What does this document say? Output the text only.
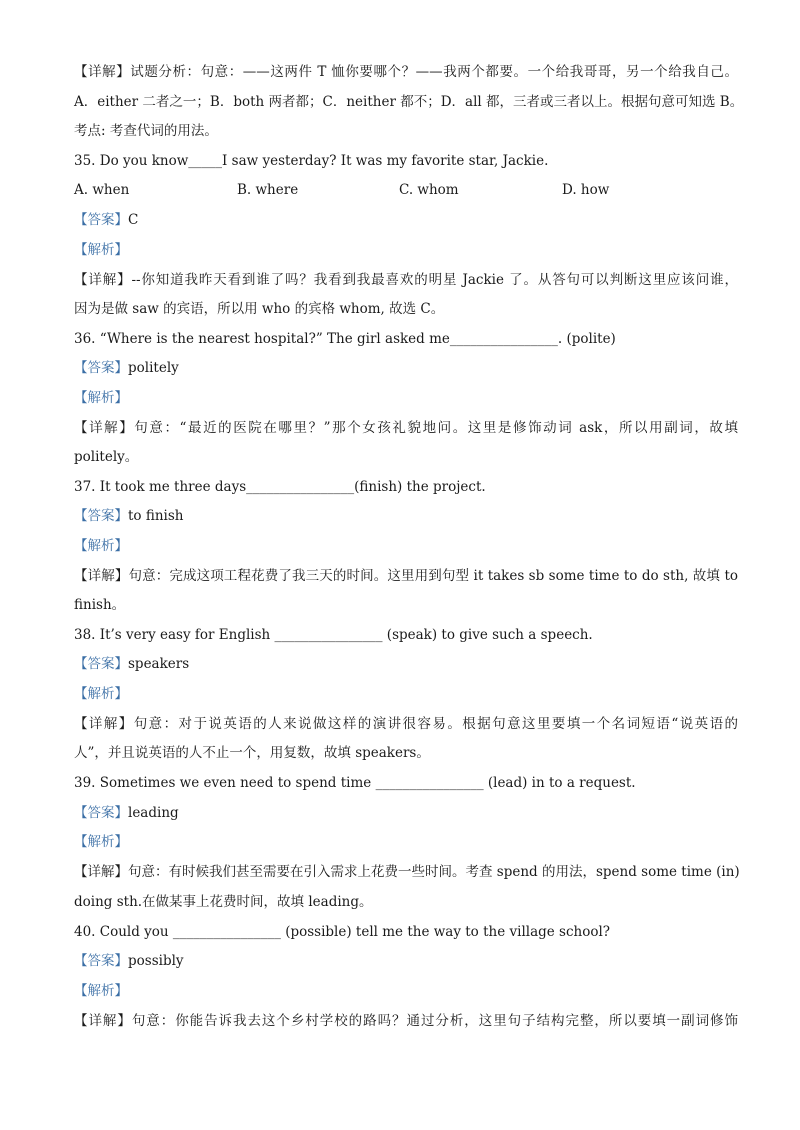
【详解】试题分析：句意：——这两件 T 恤你要哪个？——我两个都要。一个给我哥哥，另一个给我自己。
A．either 二者之一；B．both 两者都；C．neither 都不；D．all 都，三者或三者以上。根据句意可知选 B。
考点: 考查代词的用法。
35. Do you know_____I saw yesterday? It was my favorite star, Jackie.
A. when	B. where	C. whom	D. how
【答案】C
【解析】
【详解】--你知道我昨天看到谁了吗？我看到我最喜欢的明星 Jackie 了。从答句可以判断这里应该问谁，
因为是做 saw 的宾语，所以用 who 的宾格 whom, 故选 C。
36. “Where is the nearest hospital?” The girl asked me________________. (polite)
【答案】politely
【解析】
【详解】句意：“最近的医院在哪里？”那个女孩礼貌地问。这里是修饰动词 ask，所以用副词，故填
politely。
37. It took me three days________________(finish) the project.
【答案】to finish
【解析】
【详解】句意：完成这项工程花费了我三天的时间。这里用到句型 it takes sb some time to do sth, 故填 to
finish。
38. It’s very easy for English ________________ (speak) to give such a speech.
【答案】speakers
【解析】
【详解】句意：对于说英语的人来说做这样的演讲很容易。根据句意这里要填一个名词短语“说英语的
人”，并且说英语的人不止一个，用复数，故填 speakers。
39. Sometimes we even need to spend time ________________ (lead) in to a request.
【答案】leading
【解析】
【详解】句意：有时候我们甚至需要在引入需求上花费一些时间。考查 spend 的用法，spend some time (in)
doing sth.在做某事上花费时间，故填 leading。
40. Could you ________________ (possible) tell me the way to the village school?
【答案】possibly
【解析】
【详解】句意：你能告诉我去这个乡村学校的路吗？通过分析，这里句子结构完整，所以要填一副词修饰
